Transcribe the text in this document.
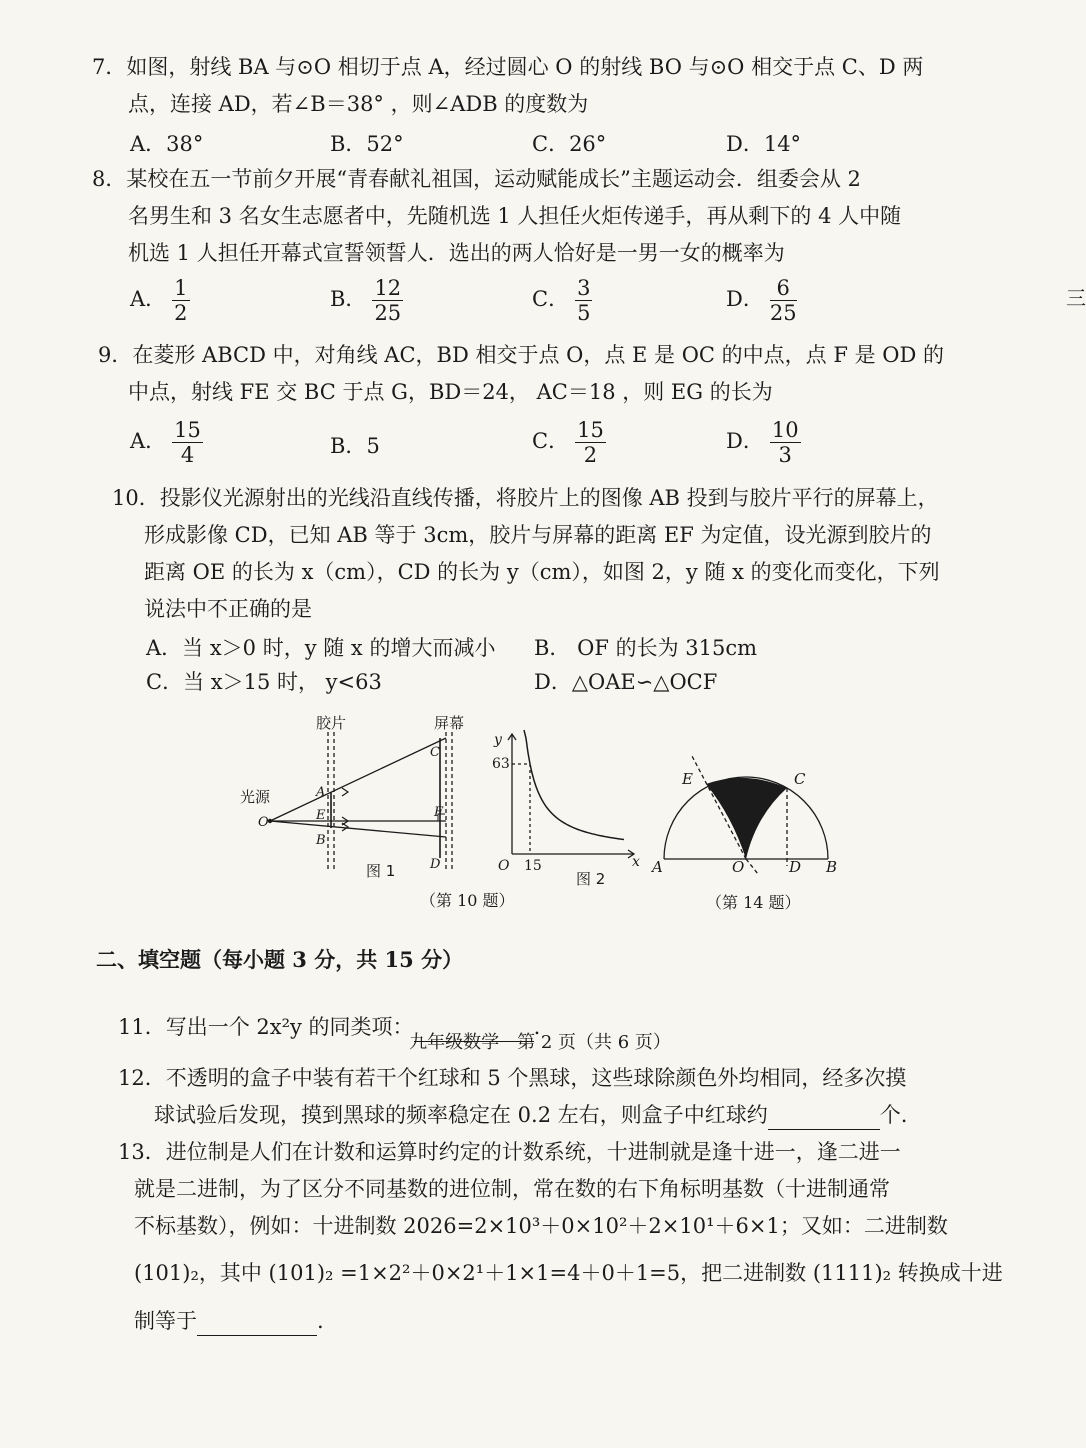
7．如图，射线 BA 与⊙O 相切于点 A，经过圆心 O 的射线 BO 与⊙O 相交于点 C、D 两
点，连接 AD，若∠B＝38° ，则∠ADB 的度数为
A．38°	B．52°	C．26°	D．14°
8．某校在五一节前夕开展“青春献礼祖国，运动赋能成长”主题运动会．组委会从 2
名男生和 3 名女生志愿者中，先随机选 1 人担任火炬传递手，再从剩下的 4 人中随
机选 1 人担任开幕式宣誓领誓人．选出的两人恰好是一男一女的概率为
A． $\frac{1}{2}$	B． $\frac{12}{25}$	C． $\frac{3}{5}$	D． $\frac{6}{25}$
9．在菱形 ABCD 中，对角线 AC，BD 相交于点 O，点 E 是 OC 的中点，点 F 是 OD 的
中点，射线 FE 交 BC 于点 G，BD＝24， AC＝18 ，则 EG 的长为
A． $\frac{15}{4}$	B．5	C． $\frac{15}{2}$	D． $\frac{10}{3}$
10．投影仪光源射出的光线沿直线传播，将胶片上的图像 AB 投到与胶片平行的屏幕上，
形成影像 CD，已知 AB 等于 3cm，胶片与屏幕的距离 EF 为定值，设光源到胶片的
距离 OE 的长为 x（cm），CD 的长为 y（cm），如图 2，y 随 x 的变化而变化，下列
说法中不正确的是
A．当 x＞0 时，y 随 x 的增大而减小 B． OF 的长为 315cm
C．当 x＞15 时， y<63	D．△OAE∽△OCF
O
A
E
B
C
F
D
胶片	屏幕
光源
图 1
y
x
63
15
O
图 2
E	C
A	O	D B
（第 10 题）	（第 14 题）
二、填空题（每小题 3 分，共 15 分）
11．写出一个 2x²y 的同类项：	.
12．不透明的盒子中装有若干个红球和 5 个黑球，这些球除颜色外均相同，经多次摸
球试验后发现，摸到黑球的频率稳定在 0.2 左右，则盒子中红球约	个.
13．进位制是人们在计数和运算时约定的计数系统，十进制就是逢十进一，逢二进一
就是二进制，为了区分不同基数的进位制，常在数的右下角标明基数（十进制通常
不标基数），例如：十进制数 2026=2×10³＋0×10²＋2×10¹＋6×1；又如：二进制数
(101)₂，其中 (101)₂ =1×2²＋0×2¹＋1×1=4＋0＋1=5，把二进制数 (1111)₂ 转换成十进
制等于	.
三
九年级数学　第 2 页（共 6 页）
